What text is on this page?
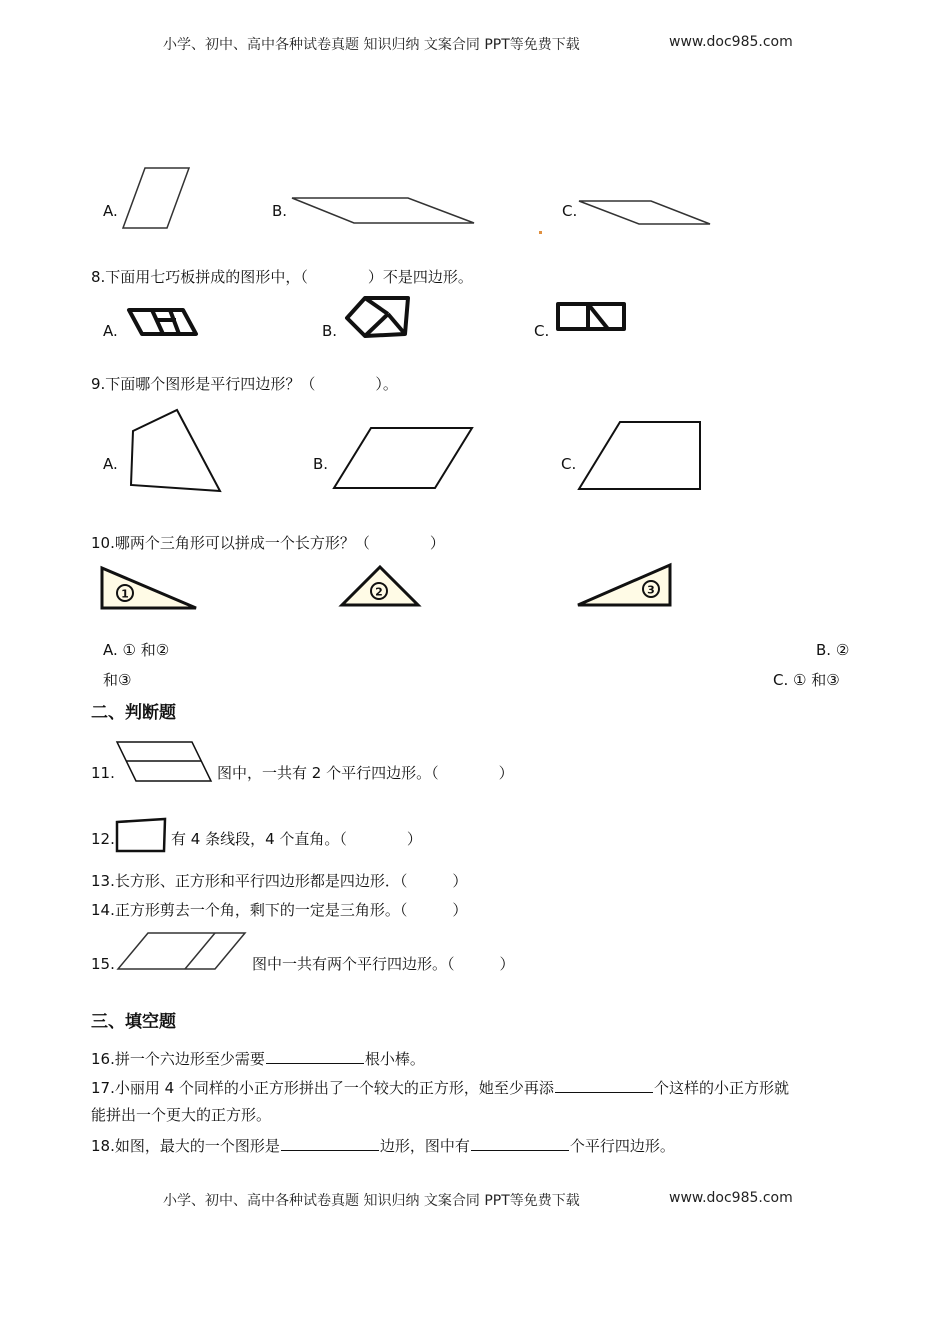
小学、初中、高中各种试卷真题 知识归纳 文案合同 PPT等免费下载	www.doc985.com
A.	B.	C.
8.下面用七巧板拼成的图形中，（　　　　）不是四边形。
A.	B.	C.
9.下面哪个图形是平行四边形？（　　　　）。
A.	B.	C.
10.哪两个三角形可以拼成一个长方形？（　　　　）
1	2	3
A. ① 和②	B. ②
和③	C. ① 和③
二、判断题
11.	图中，一共有 2 个平行四边形。（　　　　）
12.	有 4 条线段，4 个直角。（　　　　）
13.长方形、正方形和平行四边形都是四边形．（　　　）
14.正方形剪去一个角，剩下的一定是三角形。（　　　）
15.	图中一共有两个平行四边形。（　　　）
三、填空题
16.拼一个六边形至少需要	根小棒。
17.小丽用 4 个同样的小正方形拼出了一个较大的正方形，她至少再添	个这样的小正方形就
能拼出一个更大的正方形。
18.如图，最大的一个图形是	边形，图中有	个平行四边形。
小学、初中、高中各种试卷真题 知识归纳 文案合同 PPT等免费下载	www.doc985.com
